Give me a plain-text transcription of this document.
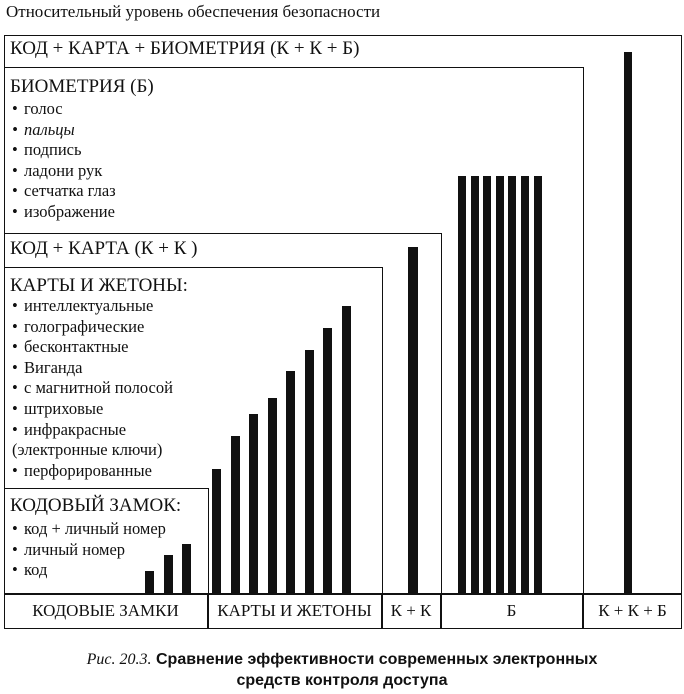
Относительный уровень обеспечения безопасности
КОД + КАРТА + БИОМЕТРИЯ (К + К + Б)
БИОМЕТРИЯ (Б)
• голос
• пальцы
• подпись
• ладони рук
• сетчатка глаз
• изображение
КОД + КАРТА (К + К )
КАРТЫ И ЖЕТОНЫ:
• интеллектуальные
• голографические
• бесконтактные
• Виганда
• с магнитной полосой
• штриховые
• инфракрасные
(электронные ключи)
• перфорированные
КОДОВЫЙ ЗАМОК:
• код + личный номер
• личный номер
• код
КОДОВЫЕ ЗАМКИ	КАРТЫ И ЖЕТОНЫ	К + К	Б	К + К + Б
Рис. 20.3. Сравнение эффективности современных электронных
средств контроля доступа
